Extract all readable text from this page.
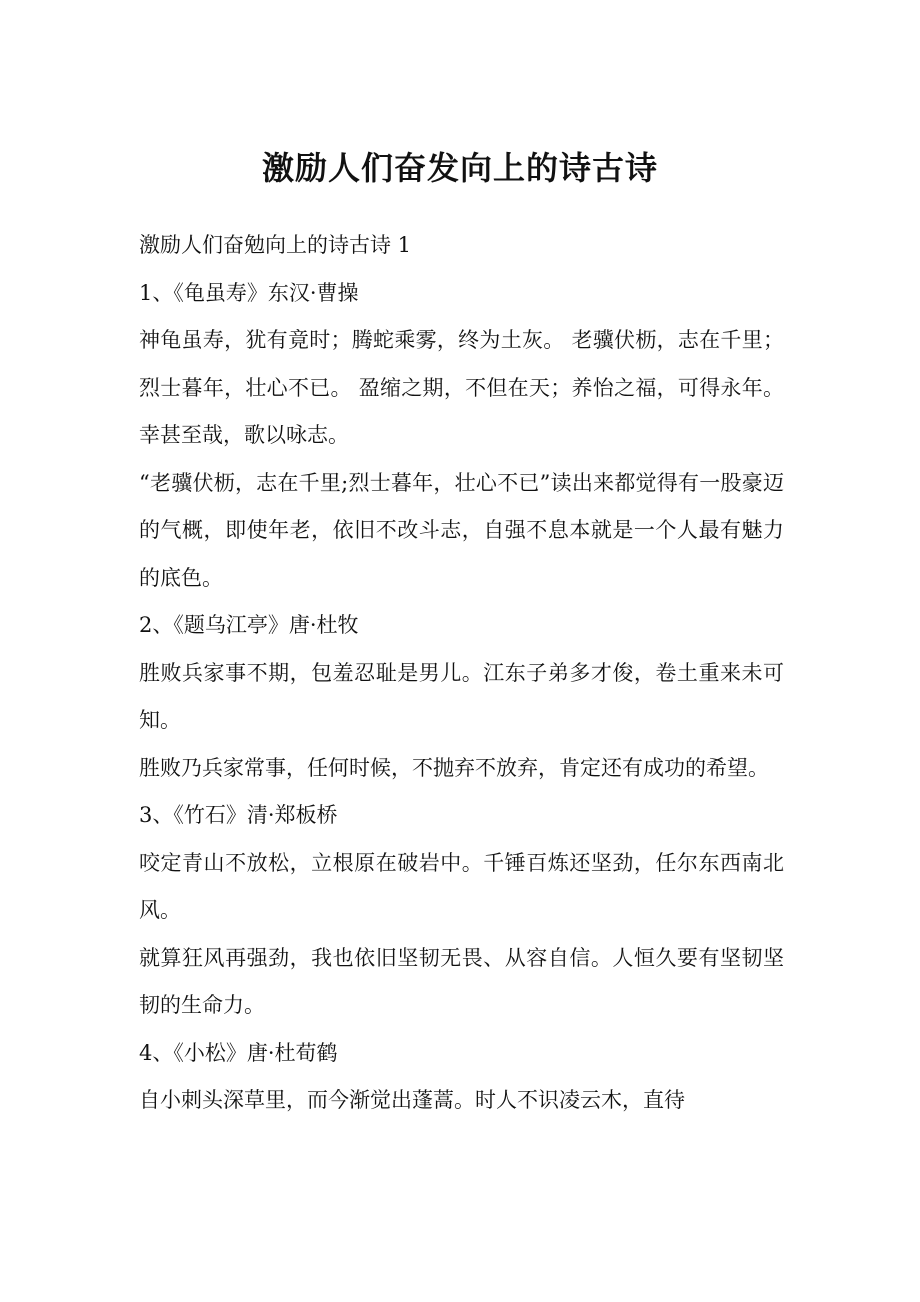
激励人们奋发向上的诗古诗

激励人们奋勉向上的诗古诗 1

1、《龟虽寿》东汉·曹操

神龟虽寿，犹有竟时；腾蛇乘雾，终为土灰。 老骥伏枥，志在千里；烈士暮年，壮心不已。 盈缩之期，不但在天；养怡之福，可得永年。 幸甚至哉，歌以咏志。

“老骥伏枥，志在千里;烈士暮年，壮心不已”读出来都觉得有一股豪迈的气概，即使年老，依旧不改斗志，自强不息本就是一个人最有魅力的底色。

2、《题乌江亭》唐·杜牧

胜败兵家事不期，包羞忍耻是男儿。江东子弟多才俊，卷土重来未可知。

胜败乃兵家常事，任何时候，不抛弃不放弃，肯定还有成功的希望。

3、《竹石》清·郑板桥

咬定青山不放松，立根原在破岩中。千锤百炼还坚劲，任尔东西南北风。

就算狂风再强劲，我也依旧坚韧无畏、从容自信。人恒久要有坚韧坚韧的生命力。

4、《小松》唐·杜荀鹤

自小刺头深草里，而今渐觉出蓬蒿。时人不识凌云木，直待
